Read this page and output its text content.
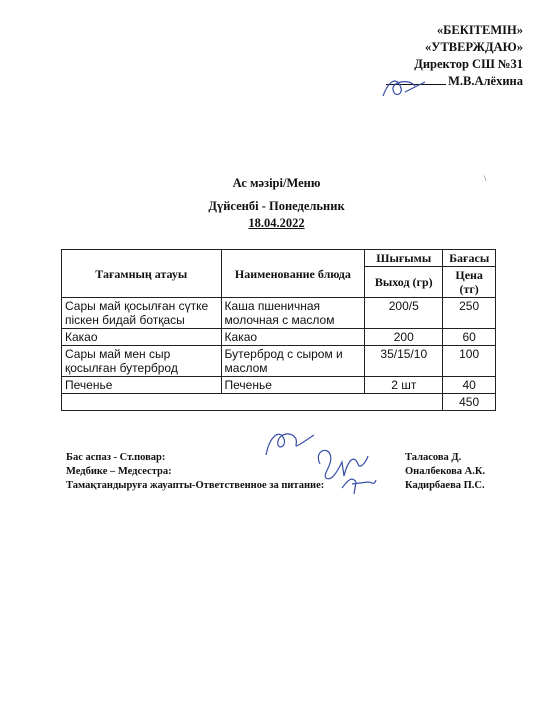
«БЕКІТЕМІН»
«УТВЕРЖДАЮ»
Директор СШ №31
М.В.Алёхина
\
Ас мәзірі/Меню
Дүйсенбі - Понедельник
18.04.2022
Тағамның атауы	Наименование блюда	Шығымы	Бағасы
		Выход (гр)	Цена (тг)
Сары май қосылған сүтке піскен бидай ботқасы	Каша пшеничная молочная с маслом	200/5	250
Какао	Какао	200	60
Сары май мен сыр қосылған бутерброд	Бутерброд с сыром и маслом	35/15/10	100
Печенье	Печенье	2 шт	40
			450
Бас аспаз - Ст.повар:
Медбике – Медсестра:
Тамақтандыруға жауапты-Ответственное за питание:
Таласова Д.
Оналбекова А.К.
Кадирбаева П.С.
